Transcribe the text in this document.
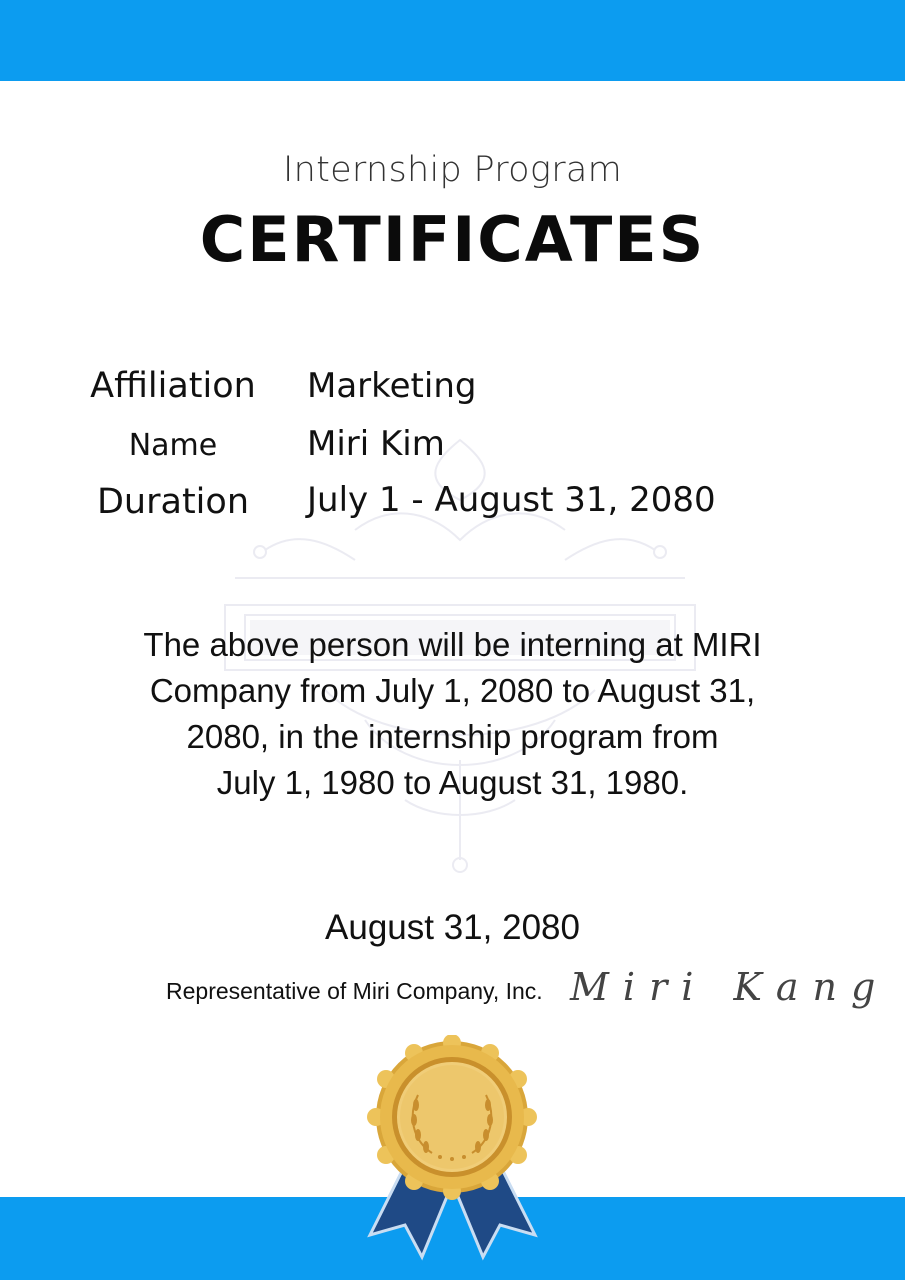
Internship Program
CERTIFICATES
Affiliation Marketing
Name	Miri Kim
Duration July 1 - August 31, 2080
The above person will be interning at MIRI
Company from July 1, 2080 to August 31,
2080, in the internship program from
July 1, 1980 to August 31, 1980.
August 31, 2080
Representative of Miri Company, Inc. Miri Kang
